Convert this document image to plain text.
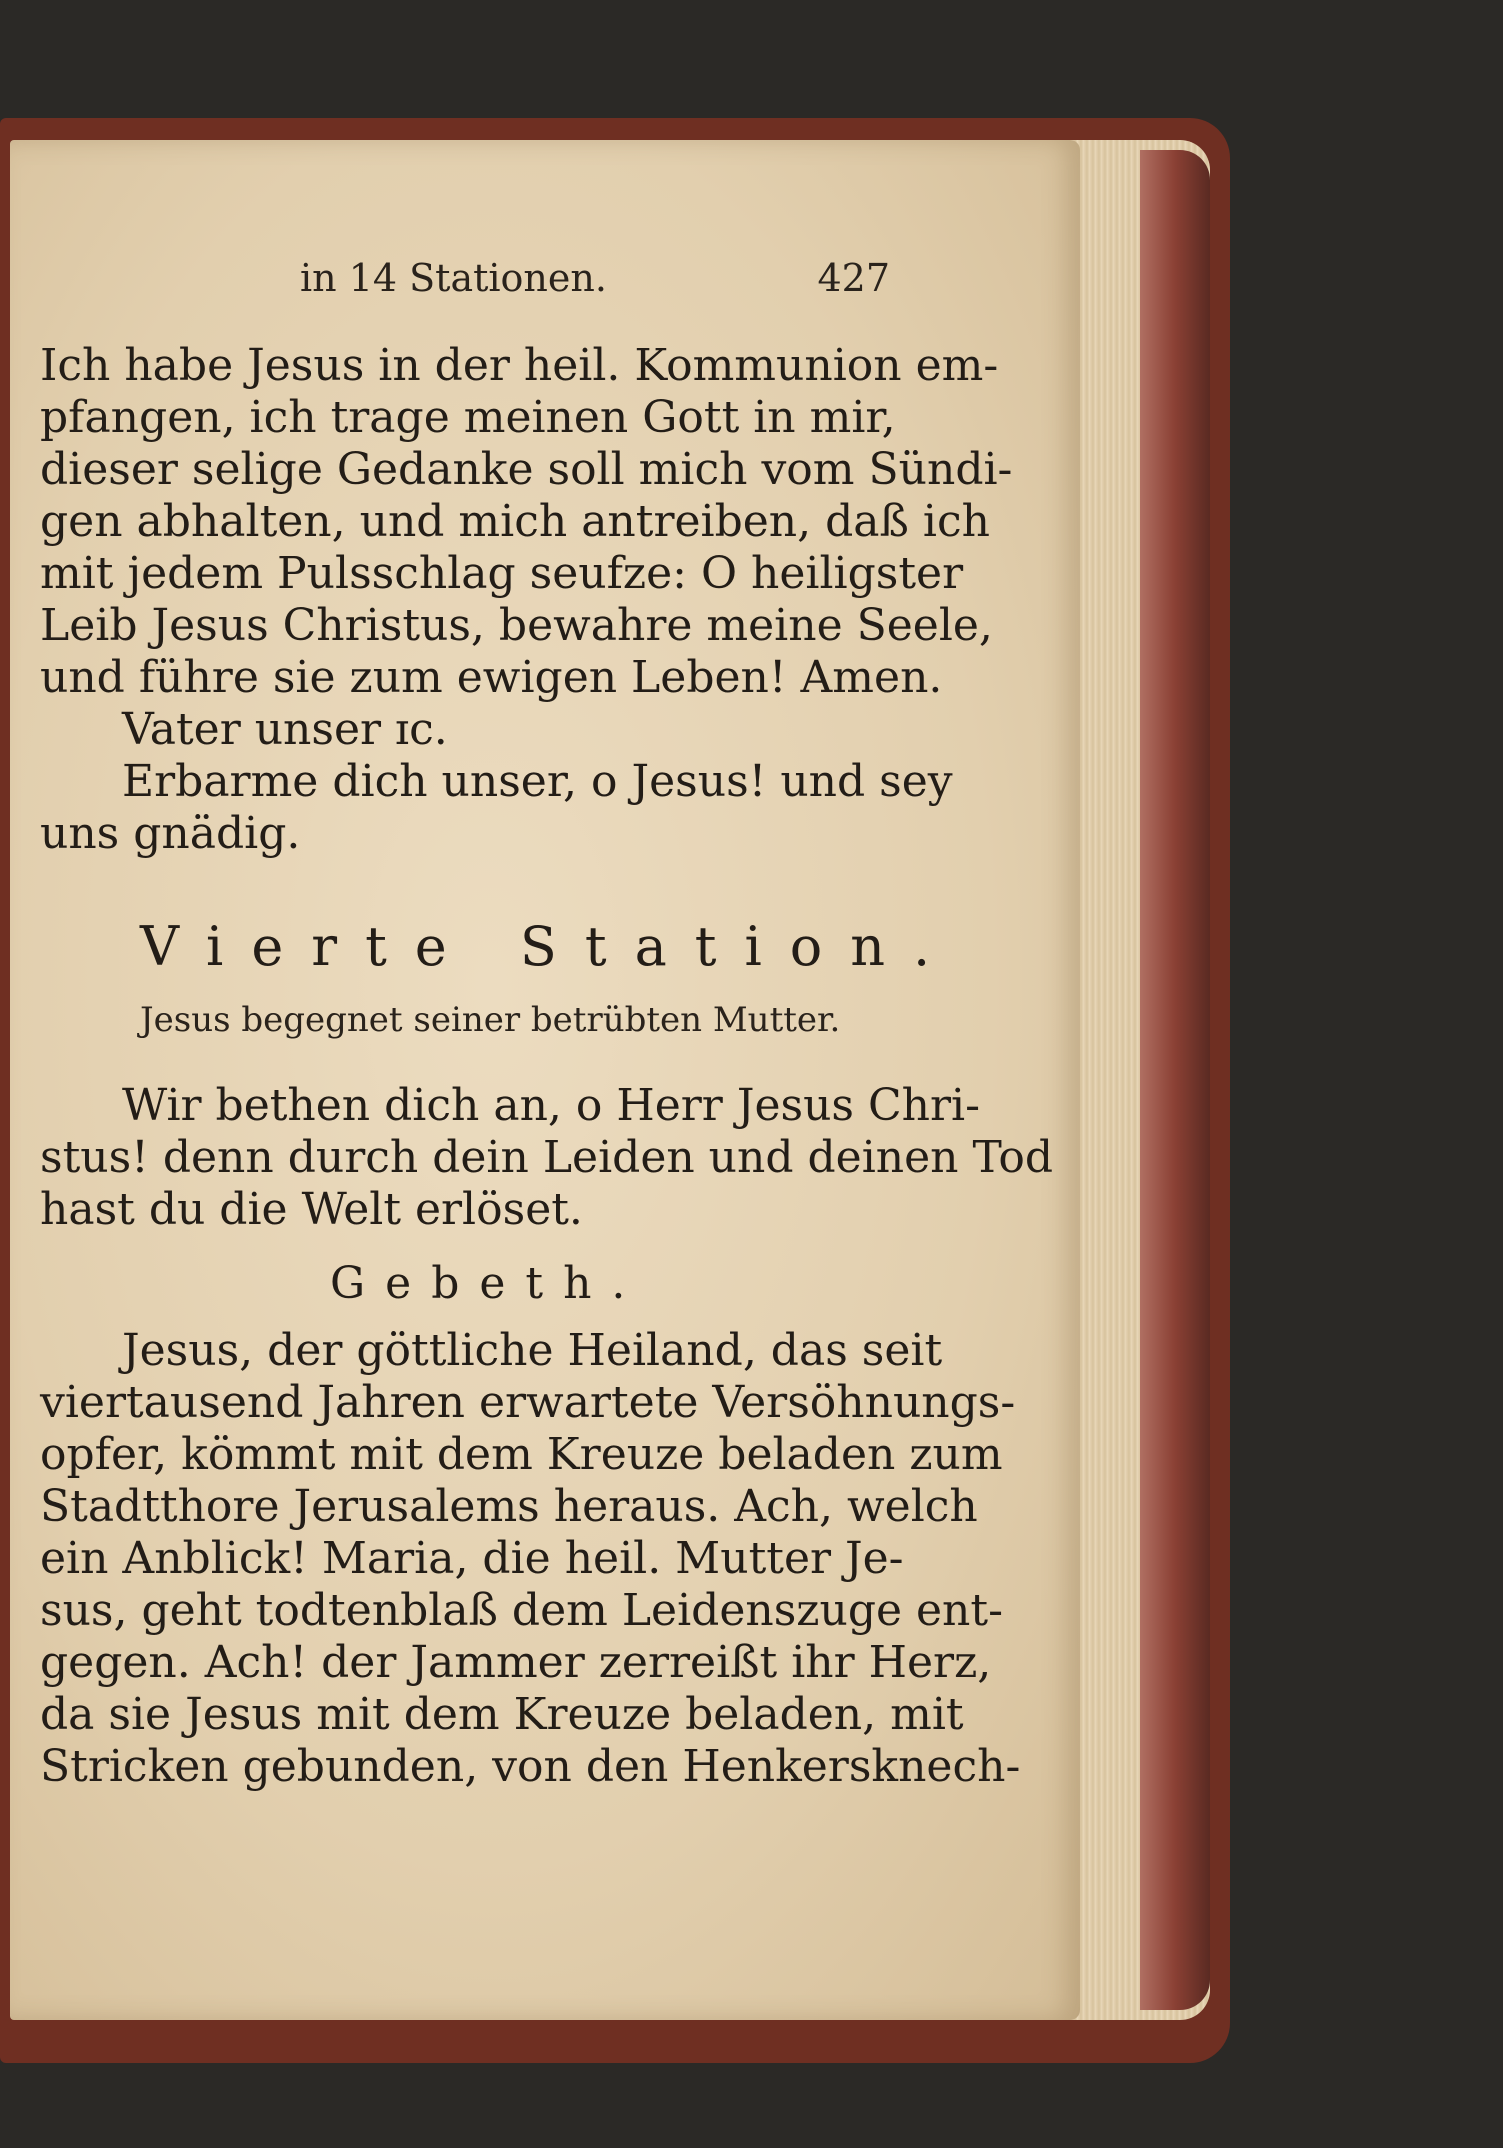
in 14 Stationen.	427
Ich habe Jesus in der heil. Kommunion em-
pfangen, ich trage meinen Gott in mir,
dieser selige Gedanke soll mich vom Sündi-
gen abhalten, und mich antreiben, daß ich
mit jedem Pulsschlag seufze: O heiligster
Leib Jesus Christus, bewahre meine Seele,
und führe sie zum ewigen Leben! Amen.
Vater unser ɪc.
Erbarme dich unser, o Jesus! und sey
uns gnädig.
Vierte Station.
Jesus begegnet seiner betrübten Mutter.
Wir bethen dich an, o Herr Jesus Chri-
stus! denn durch dein Leiden und deinen Tod
hast du die Welt erlöset.
Gebeth.
Jesus, der göttliche Heiland, das seit
viertausend Jahren erwartete Versöhnungs-
opfer, kömmt mit dem Kreuze beladen zum
Stadtthore Jerusalems heraus. Ach, welch
ein Anblick! Maria, die heil. Mutter Je-
sus, geht todtenblaß dem Leidenszuge ent-
gegen. Ach! der Jammer zerreißt ihr Herz,
da sie Jesus mit dem Kreuze beladen, mit
Stricken gebunden, von den Henkersknech-
